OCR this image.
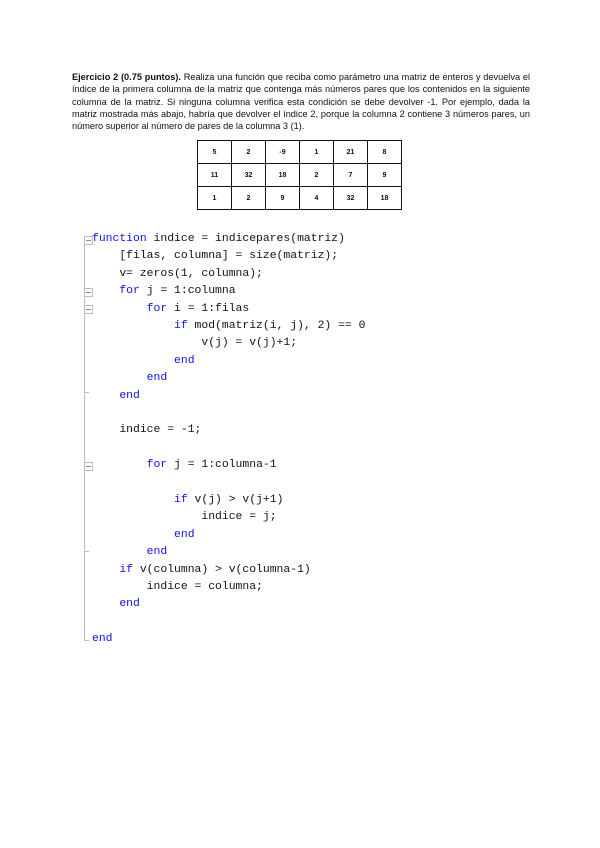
Ejercicio 2 (0.75 puntos). Realiza una función que reciba como parámetro una matriz de enteros y devuelva el índice de la primera columna de la matriz que contenga más números pares que los contenidos en la siguiente columna de la matriz. Si ninguna columna verifica esta condición se debe devolver -1. Por ejemplo, dada la matriz mostrada más abajo, habría que devolver el índice 2, porque la columna 2 contiene 3 números pares, un número superior al número de pares de la columna 3 (1).
5	2	-9	1	21	8
11	32	18	2	7	9
1	2	9	4	32	18
function indice = indicepares(matriz)
[filas, columna] = size(matriz);
v= zeros(1, columna);
for j = 1:columna
for i = 1:filas
if mod(matriz(i, j), 2) == 0
v(j) = v(j)+1;
end
end
end
indice = -1;
for j = 1:columna-1
if v(j) > v(j+1)
indice = j;
end
end
if v(columna) > v(columna-1)
indice = columna;
end
end
